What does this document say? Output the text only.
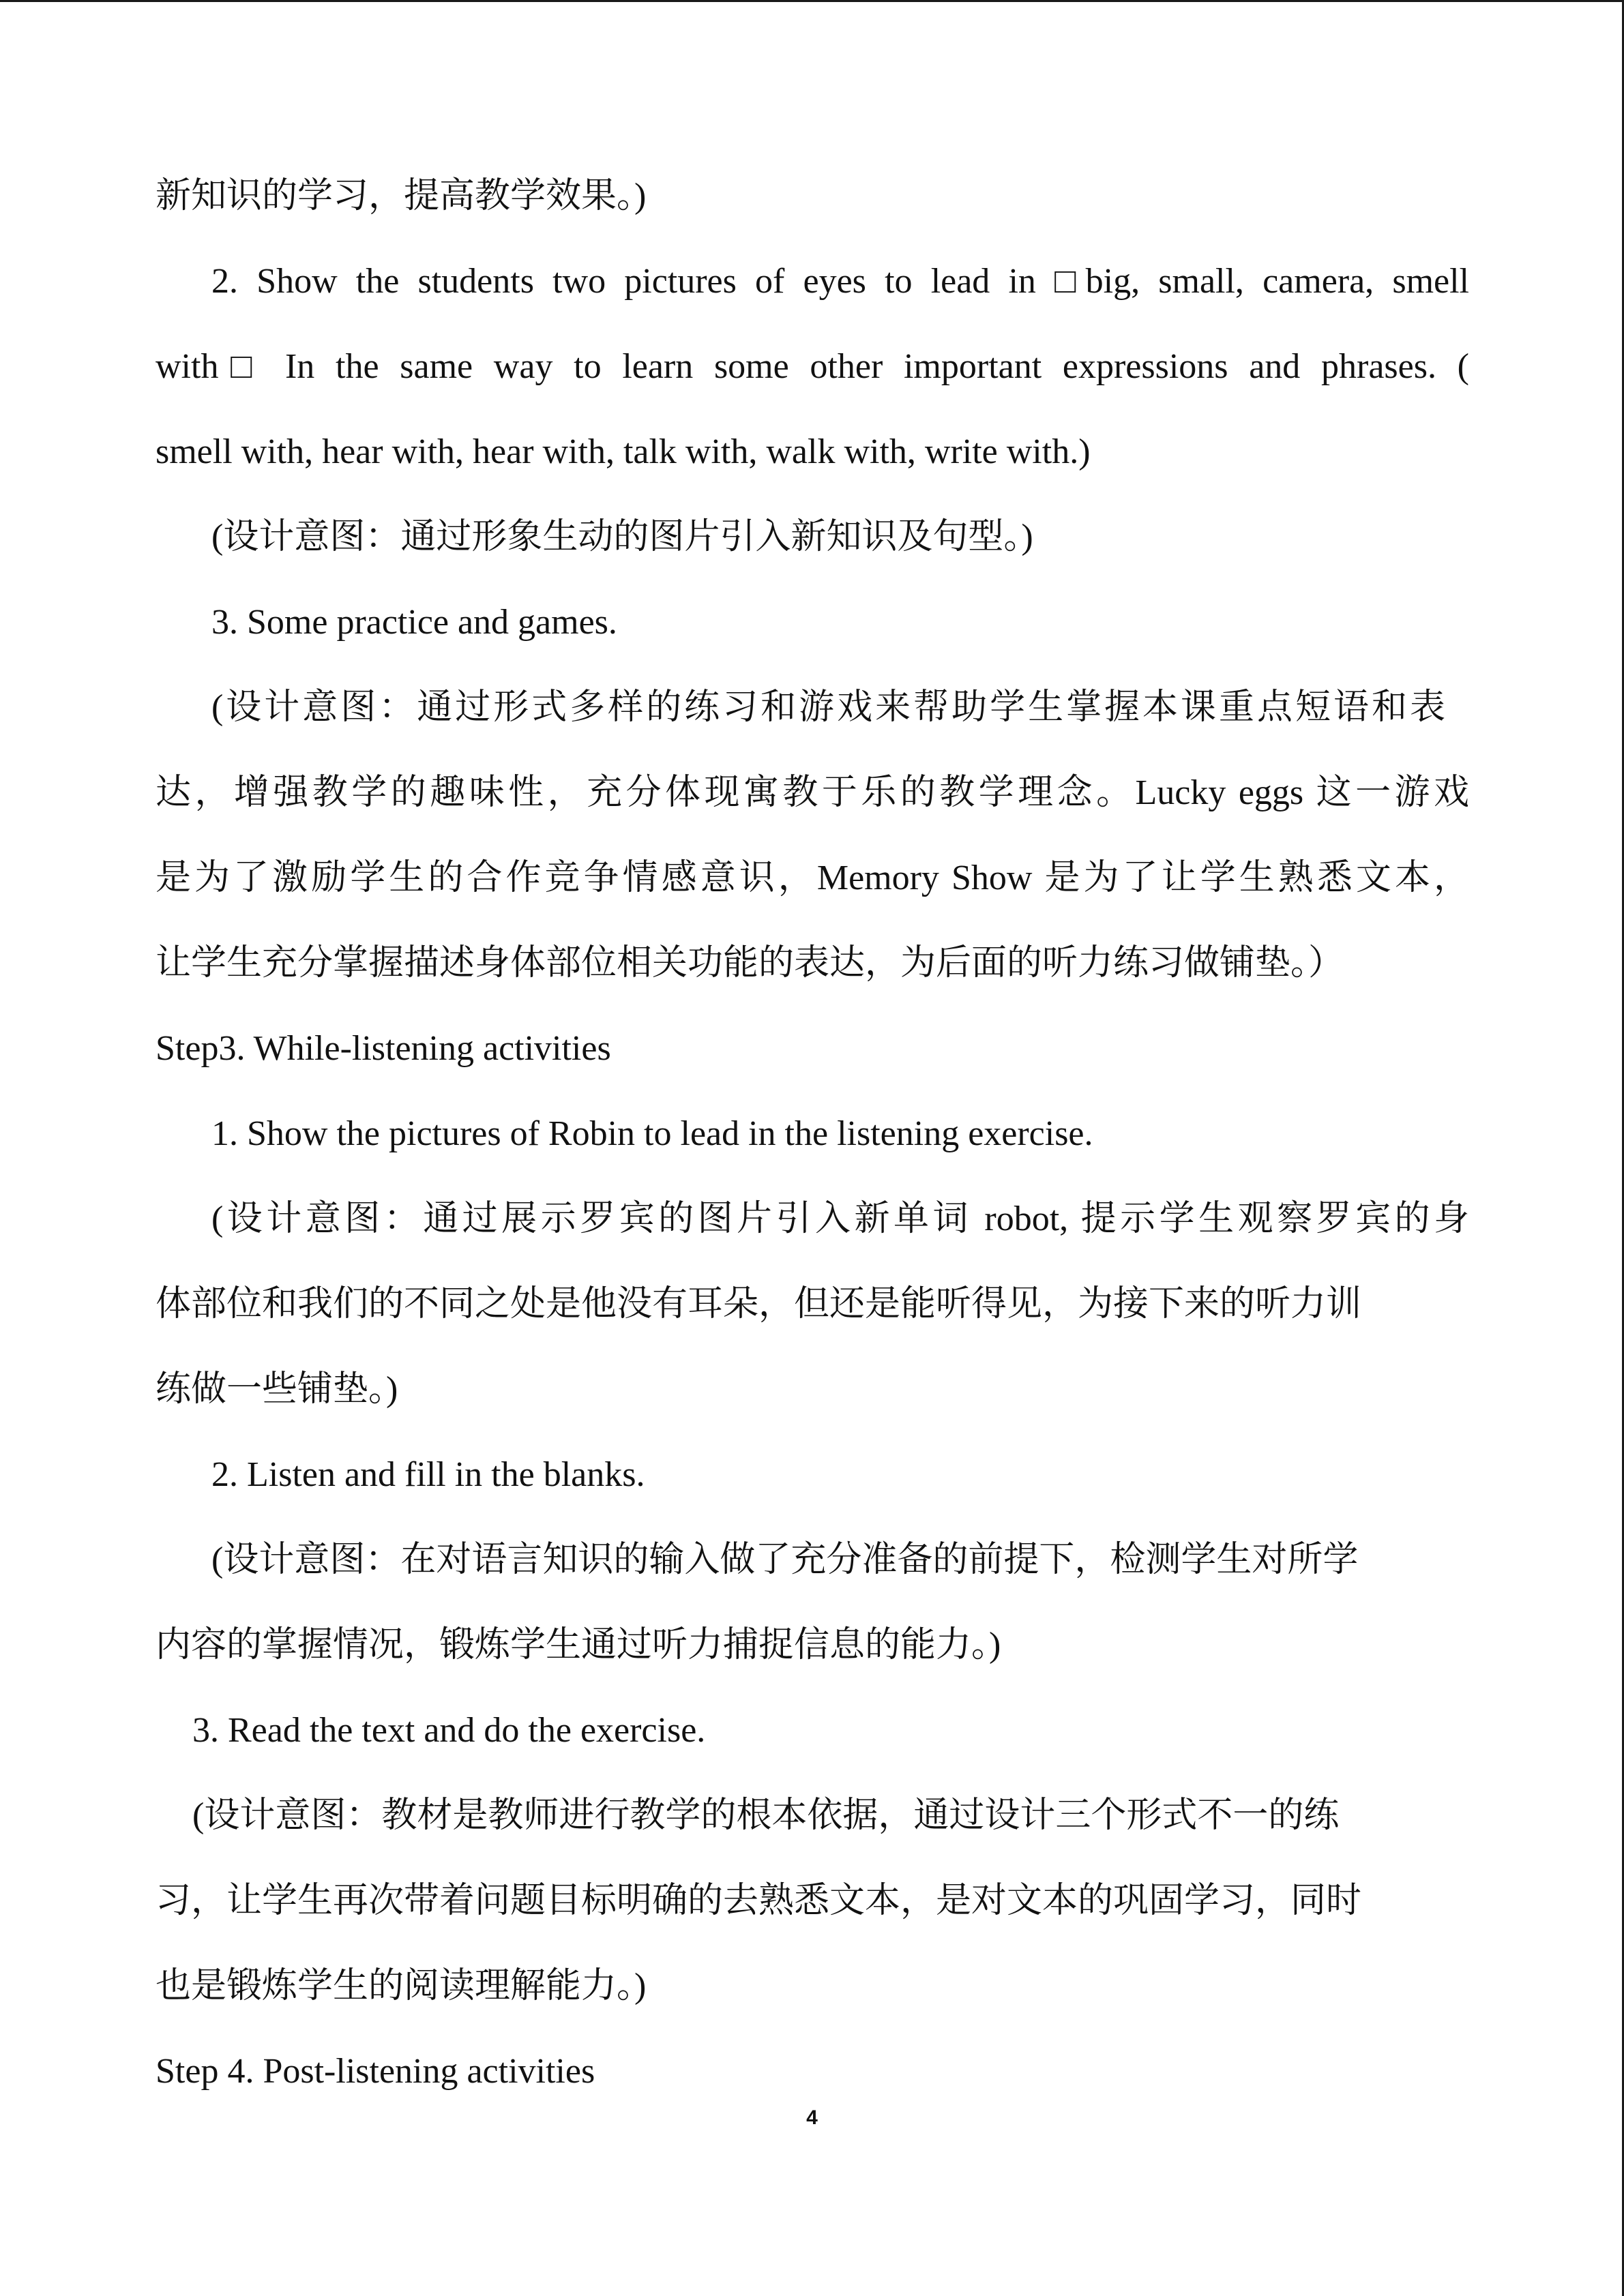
新知识的学习，提高教学效果。)

2. Show the students two pictures of eyes to lead in □big, small, camera, smell

with□ In the same way to learn some other important expressions and phrases. (

smell with, hear with, hear with, talk with, walk with, write with.)

(设计意图：通过形象生动的图片引入新知识及句型。)

3. Some practice and games.

(设计意图：通过形式多样的练习和游戏来帮助学生掌握本课重点短语和表

达，增强教学的趣味性，充分体现寓教于乐的教学理念。Lucky eggs 这一游戏

是为了激励学生的合作竞争情感意识，Memory Show 是为了让学生熟悉文本，

让学生充分掌握描述身体部位相关功能的表达，为后面的听力练习做铺垫。）

Step3. While-listening activities

1. Show the pictures of Robin to lead in the listening exercise.

(设计意图：通过展示罗宾的图片引入新单词 robot, 提示学生观察罗宾的身

体部位和我们的不同之处是他没有耳朵，但还是能听得见，为接下来的听力训

练做一些铺垫。)

2. Listen and fill in the blanks.

(设计意图：在对语言知识的输入做了充分准备的前提下，检测学生对所学

内容的掌握情况，锻炼学生通过听力捕捉信息的能力。)

3. Read the text and do the exercise.

(设计意图：教材是教师进行教学的根本依据，通过设计三个形式不一的练

习，让学生再次带着问题目标明确的去熟悉文本，是对文本的巩固学习，同时

也是锻炼学生的阅读理解能力。)

Step 4. Post-listening activities

4
